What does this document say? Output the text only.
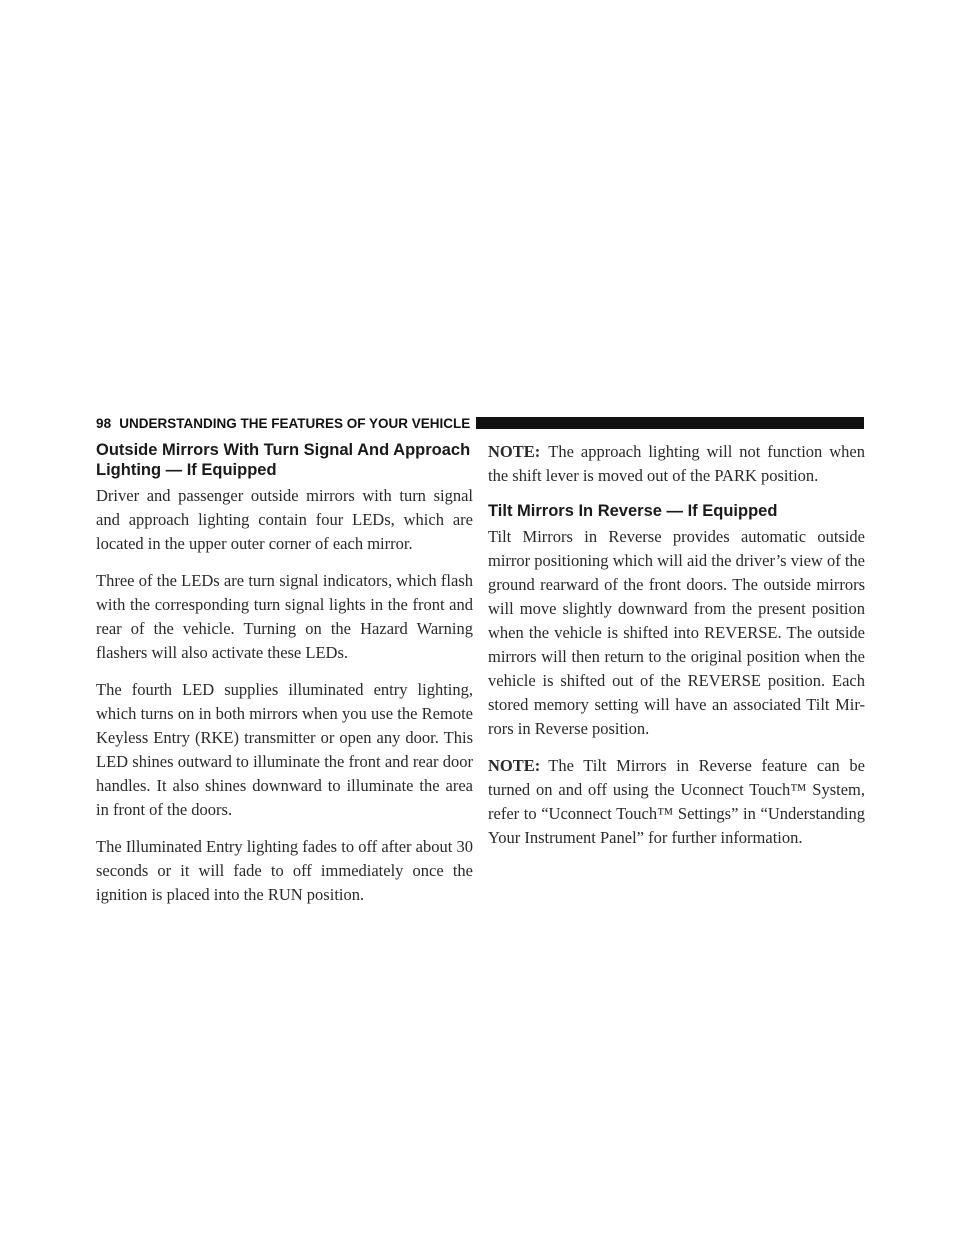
98 UNDERSTANDING THE FEATURES OF YOUR VEHICLE
Outside Mirrors With Turn Signal And Approach Lighting — If Equipped

Driver and passenger outside mirrors with turn signal and approach lighting contain four LEDs, which are located in the upper outer corner of each mirror.

Three of the LEDs are turn signal indicators, which flash with the corresponding turn signal lights in the front and rear of the vehicle. Turning on the Hazard Warning flashers will also activate these LEDs.

The fourth LED supplies illuminated entry lighting, which turns on in both mirrors when you use the Remote Keyless Entry (RKE) transmitter or open any door. This LED shines outward to illuminate the front and rear door handles. It also shines downward to illuminate the area in front of the doors.

The Illuminated Entry lighting fades to off after about 30 seconds or it will fade to off immediately once the ignition is placed into the RUN position.

NOTE: The approach lighting will not function when the shift lever is moved out of the PARK position.

Tilt Mirrors In Reverse — If Equipped

Tilt Mirrors in Reverse provides automatic outside mirror positioning which will aid the driver’s view of the ground rearward of the front doors. The outside mirrors will move slightly downward from the present position when the vehicle is shifted into REVERSE. The outside mirrors will then return to the original position when the vehicle is shifted out of the REVERSE position. Each stored memory setting will have an associated Tilt Mir-rors in Reverse position.

NOTE: The Tilt Mirrors in Reverse feature can be turned on and off using the Uconnect Touch™ System, refer to “Uconnect Touch™ Settings” in “Understanding Your Instrument Panel” for further information.
